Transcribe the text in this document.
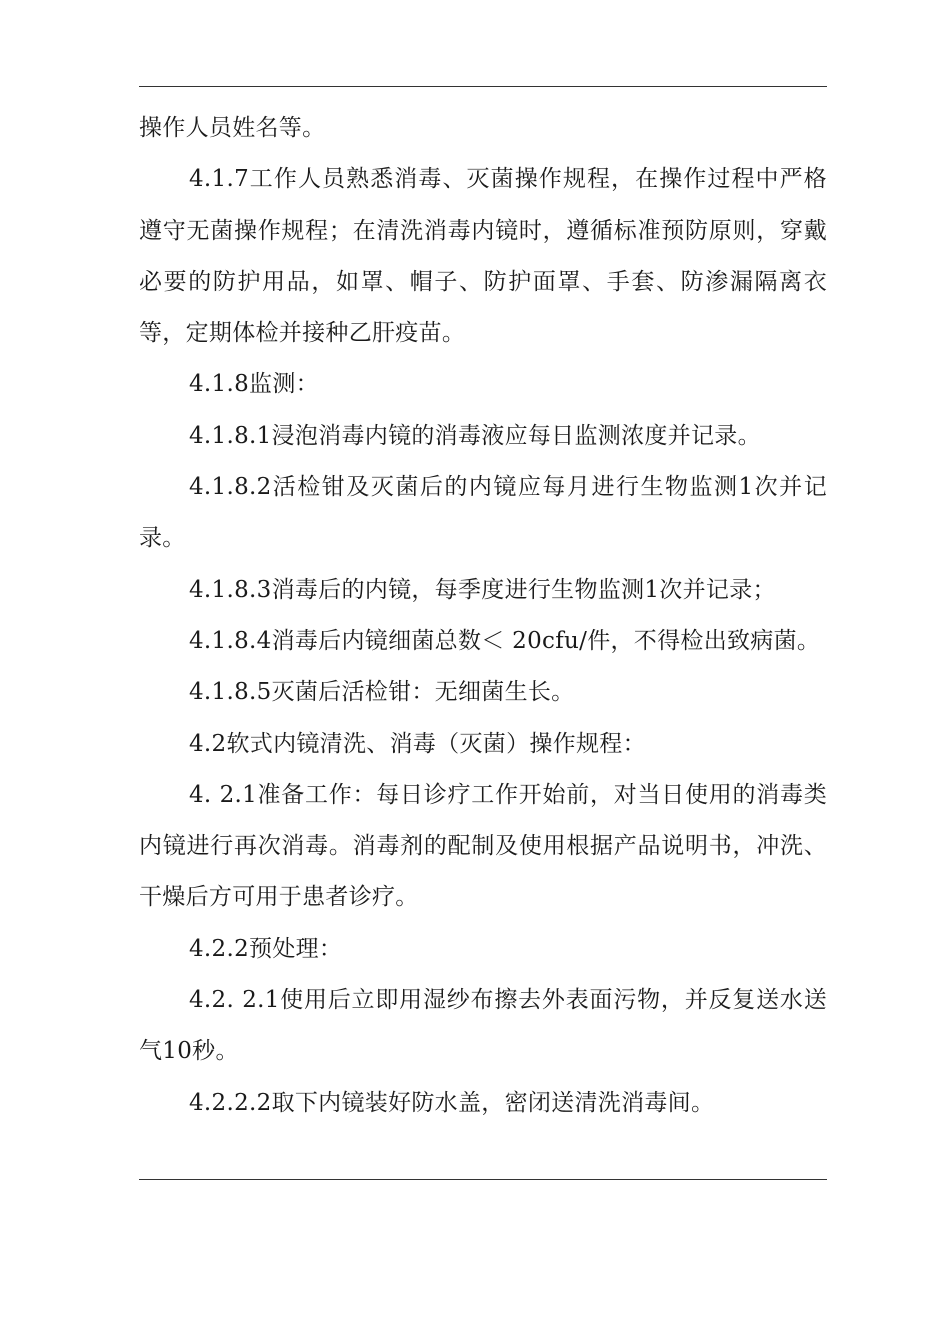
操作人员姓名等。

4.1.7工作人员熟悉消毒、灭菌操作规程，在操作过程中严格遵守无菌操作规程；在清洗消毒内镜时，遵循标准预防原则，穿戴必要的防护用品，如罩、帽子、防护面罩、手套、防渗漏隔离衣等，定期体检并接种乙肝疫苗。

4.1.8监测：

4.1.8.1浸泡消毒内镜的消毒液应每日监测浓度并记录。

4.1.8.2活检钳及灭菌后的内镜应每月进行生物监测1次并记录。

4.1.8.3消毒后的内镜，每季度进行生物监测1次并记录；

4.1.8.4消毒后内镜细菌总数＜ 20cfu/件，不得检出致病菌。

4.1.8.5灭菌后活检钳：无细菌生长。

4.2软式内镜清洗、消毒（灭菌）操作规程：

4. 2.1准备工作：每日诊疗工作开始前，对当日使用的消毒类内镜进行再次消毒。消毒剂的配制及使用根据产品说明书，冲洗、干燥后方可用于患者诊疗。

4.2.2预处理：

4.2. 2.1使用后立即用湿纱布擦去外表面污物，并反复送水送气10秒。

4.2.2.2取下内镜装好防水盖，密闭送清洗消毒间。
